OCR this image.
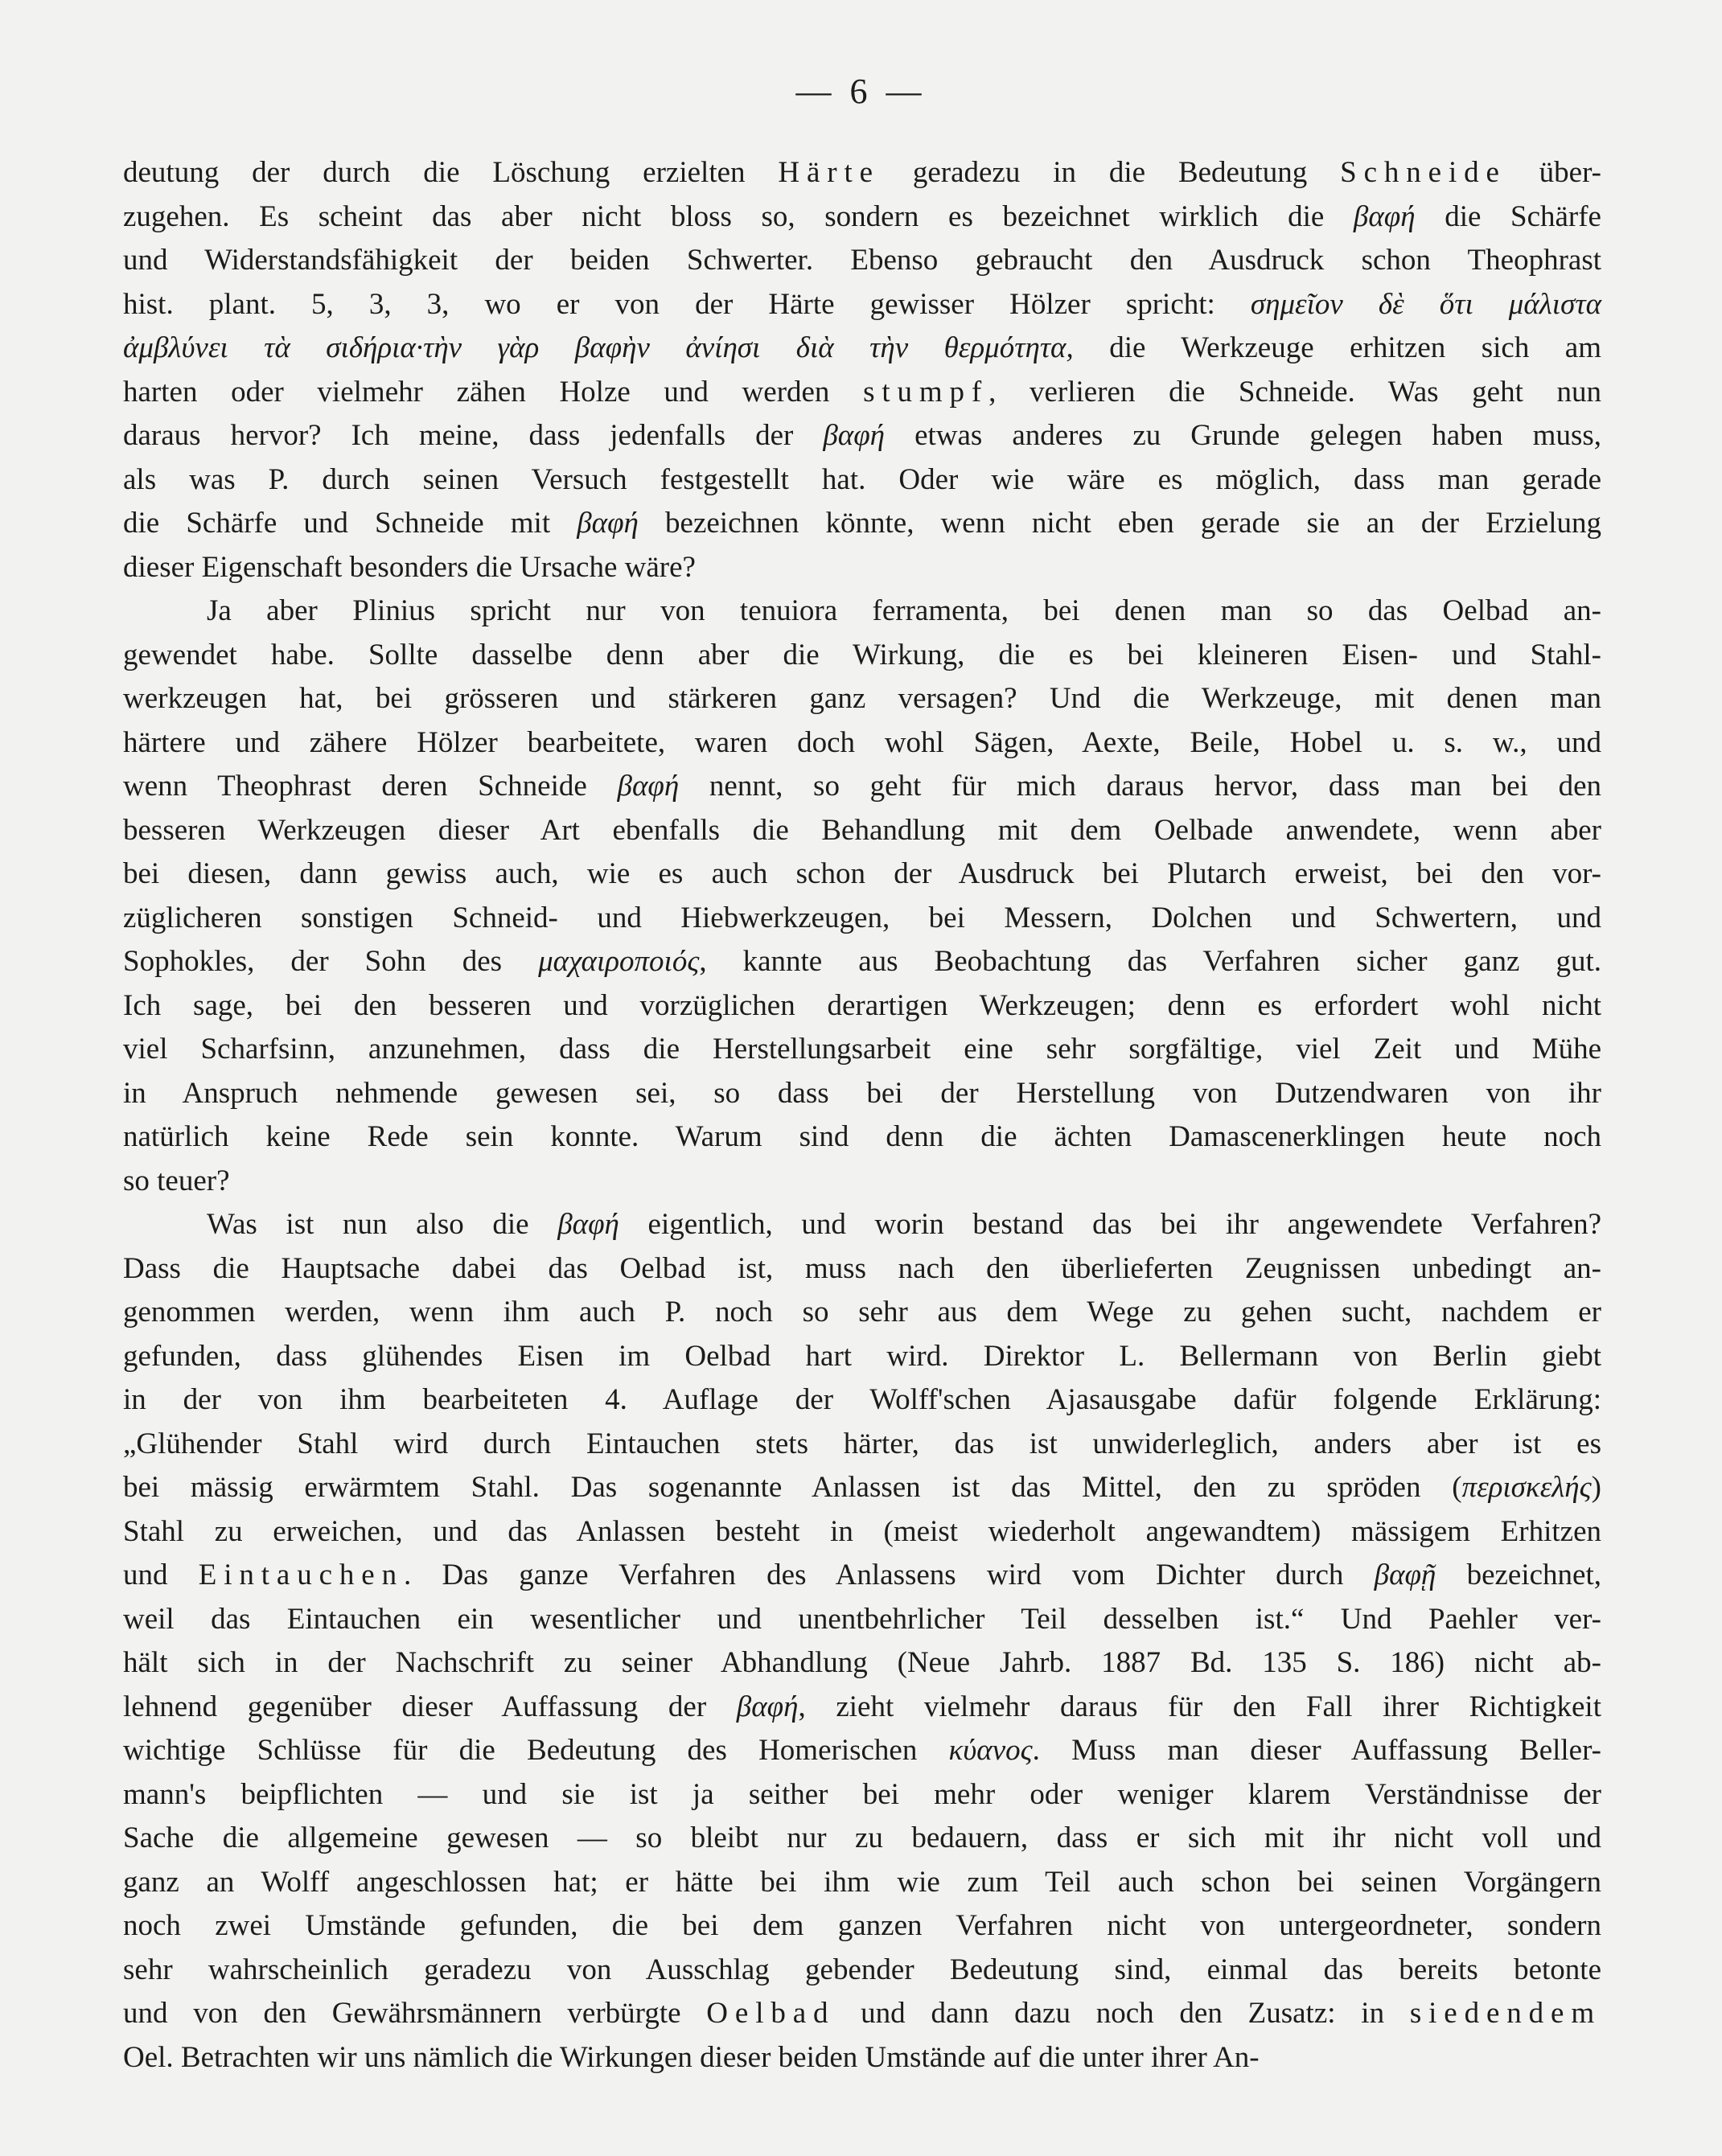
— 6 —
deutung der durch die Löschung erzielten Härte geradezu in die Bedeutung Schneide über-
zugehen. Es scheint das aber nicht bloss so, sondern es bezeichnet wirklich die βαφή die Schärfe
und Widerstandsfähigkeit der beiden Schwerter. Ebenso gebraucht den Ausdruck schon Theophrast
hist. plant. 5, 3, 3, wo er von der Härte gewisser Hölzer spricht: σημεῖον δὲ ὅτι μάλιστα
ἀμβλύνει τὰ σιδήρια·τὴν γὰρ βαφὴν ἀνίησι διὰ τὴν θερμότητα, die Werkzeuge erhitzen sich am
harten oder vielmehr zähen Holze und werden stumpf, verlieren die Schneide. Was geht nun
daraus hervor? Ich meine, dass jedenfalls der βαφή etwas anderes zu Grunde gelegen haben muss,
als was P. durch seinen Versuch festgestellt hat. Oder wie wäre es möglich, dass man gerade
die Schärfe und Schneide mit βαφή bezeichnen könnte, wenn nicht eben gerade sie an der Erzielung
dieser Eigenschaft besonders die Ursache wäre?
Ja aber Plinius spricht nur von tenuiora ferramenta, bei denen man so das Oelbad an-
gewendet habe. Sollte dasselbe denn aber die Wirkung, die es bei kleineren Eisen- und Stahl-
werkzeugen hat, bei grösseren und stärkeren ganz versagen? Und die Werkzeuge, mit denen man
härtere und zähere Hölzer bearbeitete, waren doch wohl Sägen, Aexte, Beile, Hobel u. s. w., und
wenn Theophrast deren Schneide βαφή nennt, so geht für mich daraus hervor, dass man bei den
besseren Werkzeugen dieser Art ebenfalls die Behandlung mit dem Oelbade anwendete, wenn aber
bei diesen, dann gewiss auch, wie es auch schon der Ausdruck bei Plutarch erweist, bei den vor-
züglicheren sonstigen Schneid- und Hiebwerkzeugen, bei Messern, Dolchen und Schwertern, und
Sophokles, der Sohn des μαχαιροποιός, kannte aus Beobachtung das Verfahren sicher ganz gut.
Ich sage, bei den besseren und vorzüglichen derartigen Werkzeugen; denn es erfordert wohl nicht
viel Scharfsinn, anzunehmen, dass die Herstellungsarbeit eine sehr sorgfältige, viel Zeit und Mühe
in Anspruch nehmende gewesen sei, so dass bei der Herstellung von Dutzendwaren von ihr
natürlich keine Rede sein konnte. Warum sind denn die ächten Damascenerklingen heute noch
so teuer?
Was ist nun also die βαφή eigentlich, und worin bestand das bei ihr angewendete Verfahren?
Dass die Hauptsache dabei das Oelbad ist, muss nach den überlieferten Zeugnissen unbedingt an-
genommen werden, wenn ihm auch P. noch so sehr aus dem Wege zu gehen sucht, nachdem er
gefunden, dass glühendes Eisen im Oelbad hart wird. Direktor L. Bellermann von Berlin giebt
in der von ihm bearbeiteten 4. Auflage der Wolff'schen Ajasausgabe dafür folgende Erklärung:
„Glühender Stahl wird durch Eintauchen stets härter, das ist unwiderleglich, anders aber ist es
bei mässig erwärmtem Stahl. Das sogenannte Anlassen ist das Mittel, den zu spröden (περισκελής)
Stahl zu erweichen, und das Anlassen besteht in (meist wiederholt angewandtem) mässigem Erhitzen
und Eintauchen. Das ganze Verfahren des Anlassens wird vom Dichter durch βαφῇ bezeichnet,
weil das Eintauchen ein wesentlicher und unentbehrlicher Teil desselben ist.“ Und Paehler ver-
hält sich in der Nachschrift zu seiner Abhandlung (Neue Jahrb. 1887 Bd. 135 S. 186) nicht ab-
lehnend gegenüber dieser Auffassung der βαφή, zieht vielmehr daraus für den Fall ihrer Richtigkeit
wichtige Schlüsse für die Bedeutung des Homerischen κύανος. Muss man dieser Auffassung Beller-
mann's beipflichten — und sie ist ja seither bei mehr oder weniger klarem Verständnisse der
Sache die allgemeine gewesen — so bleibt nur zu bedauern, dass er sich mit ihr nicht voll und
ganz an Wolff angeschlossen hat; er hätte bei ihm wie zum Teil auch schon bei seinen Vorgängern
noch zwei Umstände gefunden, die bei dem ganzen Verfahren nicht von untergeordneter, sondern
sehr wahrscheinlich geradezu von Ausschlag gebender Bedeutung sind, einmal das bereits betonte
und von den Gewährsmännern verbürgte Oelbad und dann dazu noch den Zusatz: in siedendem
Oel. Betrachten wir uns nämlich die Wirkungen dieser beiden Umstände auf die unter ihrer An-
